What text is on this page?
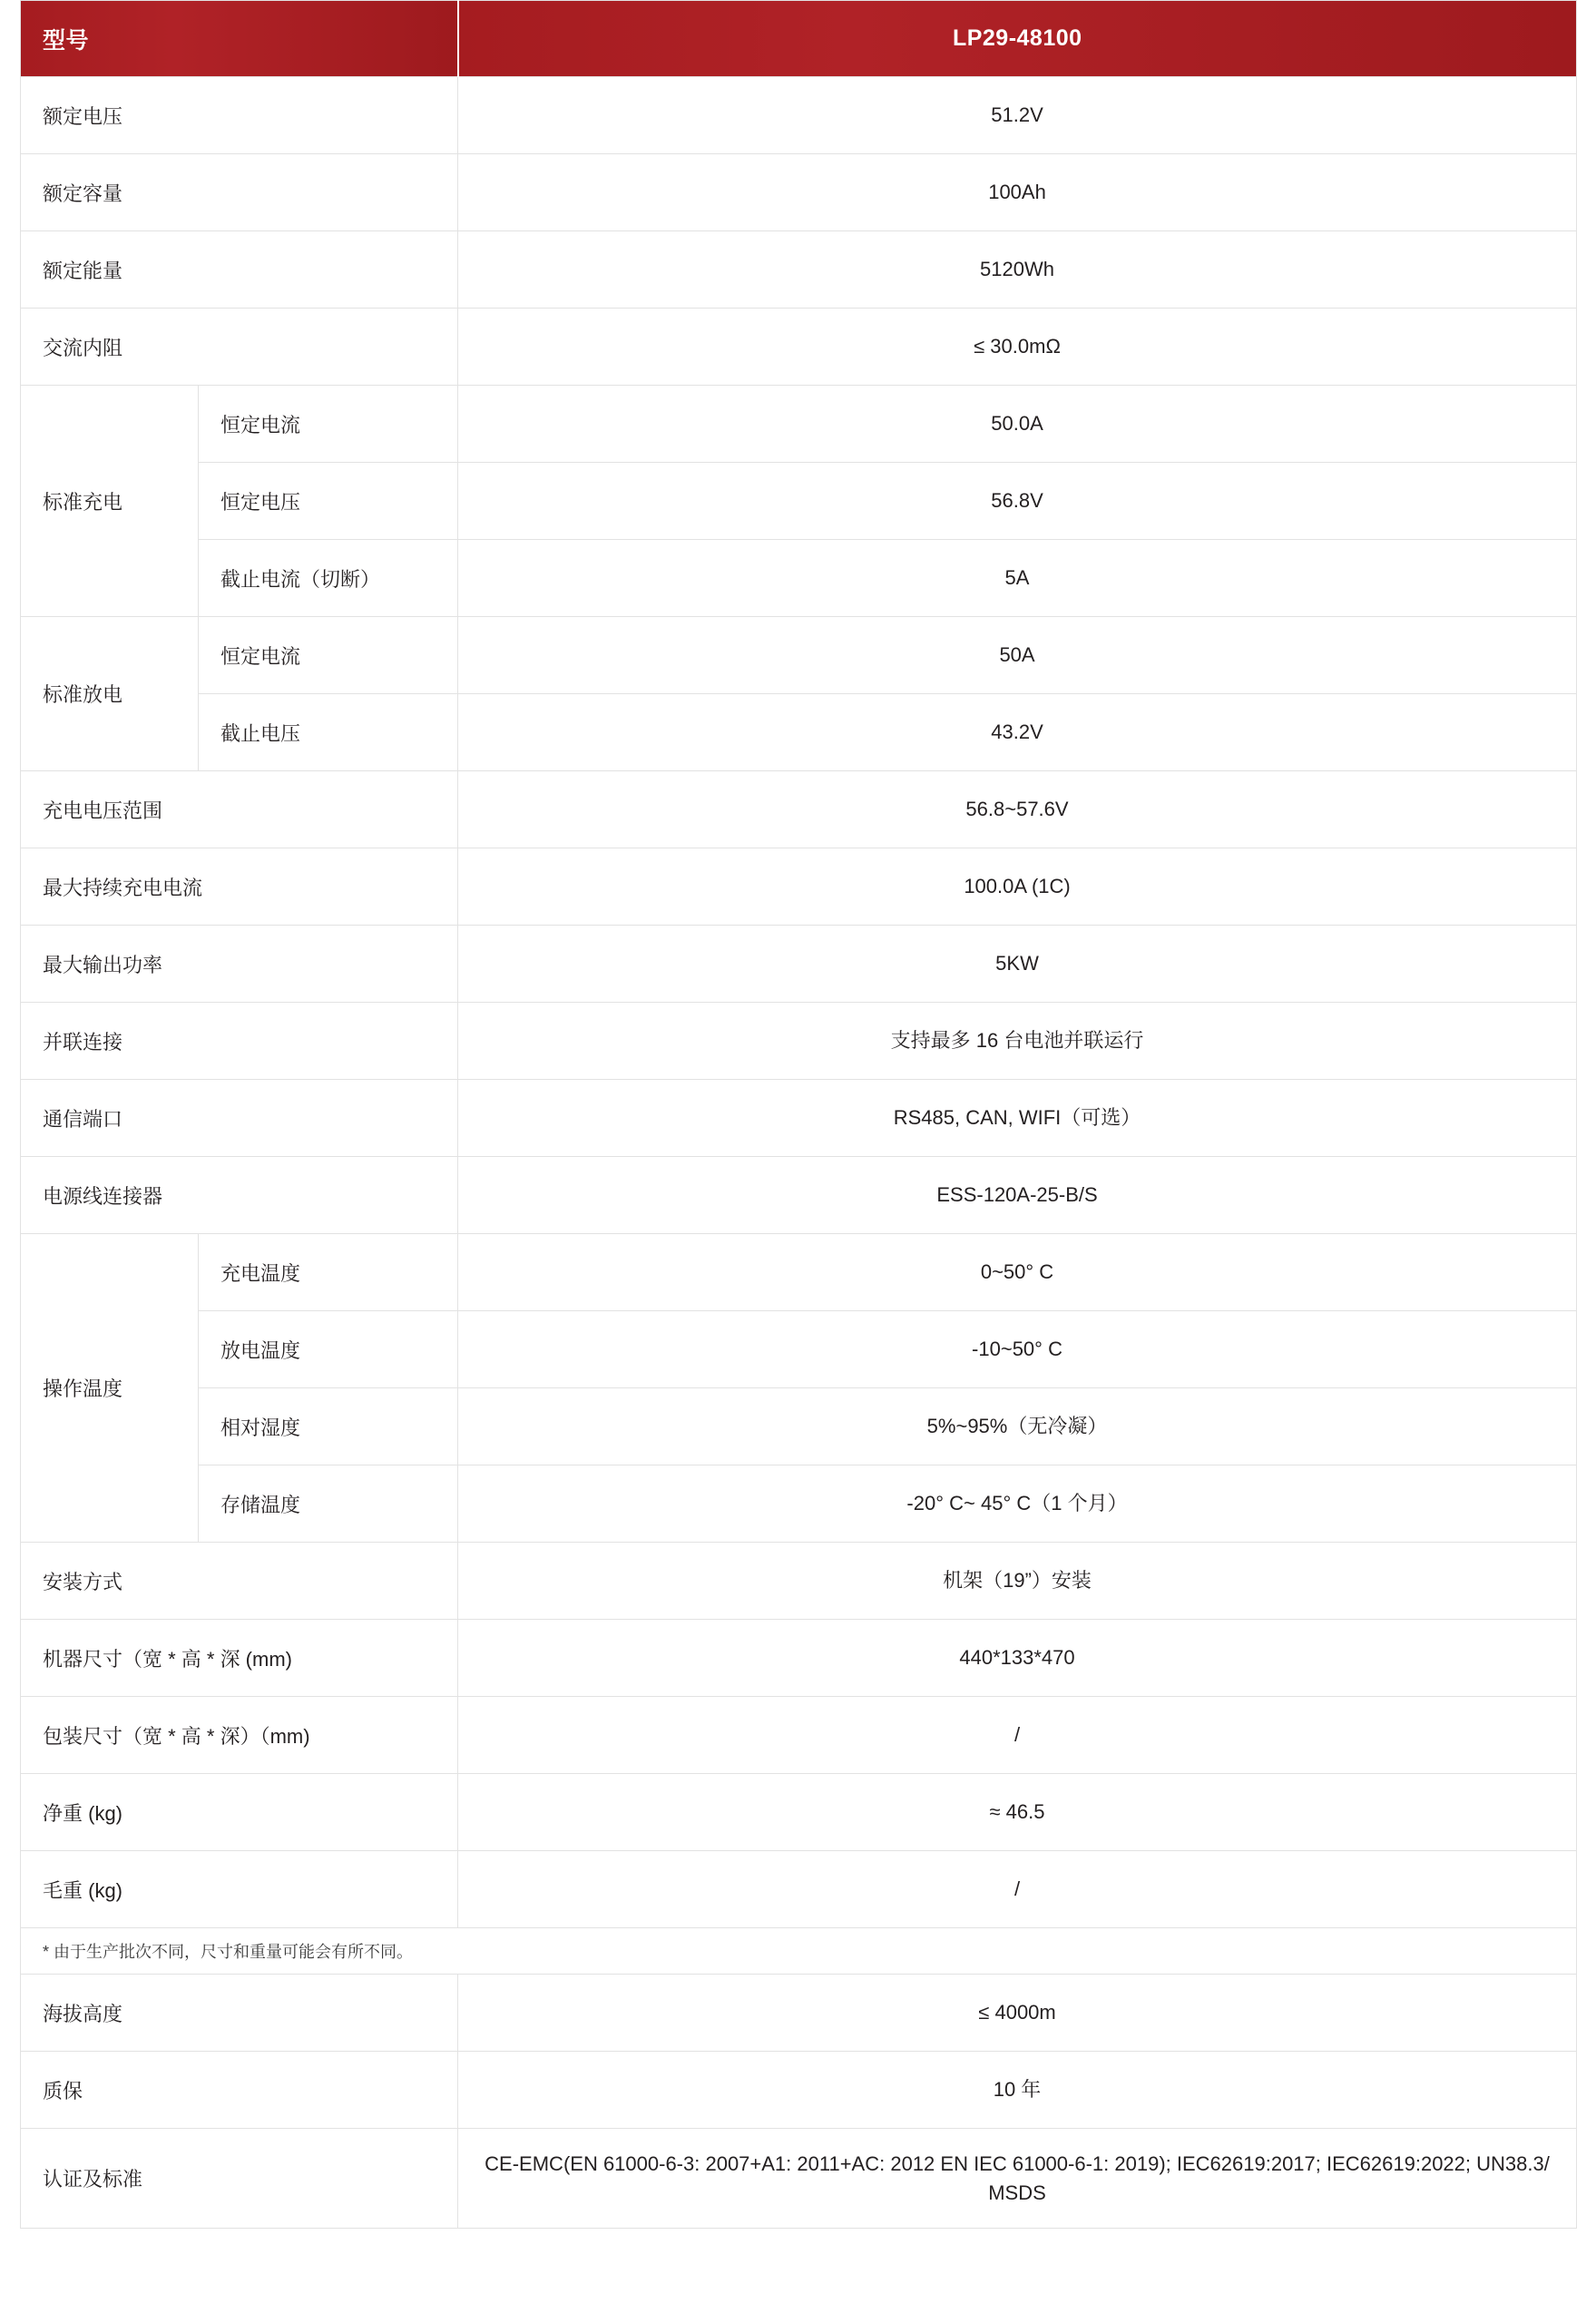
型号		LP29-48100
额定电压		51.2V
额定容量		100Ah
额定能量		5120Wh
交流内阻		≤ 30.0mΩ
标准充电	恒定电流	50.0A
	恒定电压	56.8V
	截止电流（切断）	5A
标准放电	恒定电流	50A
	截止电压	43.2V
充电电压范围		56.8~57.6V
最大持续充电电流		100.0A (1C)
最大输出功率		5KW
并联连接		支持最多 16 台电池并联运行
通信端口		RS485, CAN, WIFI（可选）
电源线连接器		ESS-120A-25-B/S
操作温度	充电温度	0~50° C
	放电温度	-10~50° C
	相对湿度	5%~95%（无冷凝）
	存储温度	-20° C~ 45° C（1 个月）
安装方式		机架（19”）安装
机器尺寸（宽 * 高 * 深 (mm)		440*133*470
包装尺寸（宽 * 高 * 深）（mm)		/
净重 (kg)		≈ 46.5
毛重 (kg)		/
* 由于生产批次不同，尺寸和重量可能会有所不同。		
海拔高度		≤ 4000m
质保		10 年
认证及标准		CE-EMC(EN 61000-6-3: 2007+A1: 2011+AC: 2012 EN IEC 61000-6-1: 2019); IEC62619:2017; IEC62619:2022; UN38.3/ MSDS
